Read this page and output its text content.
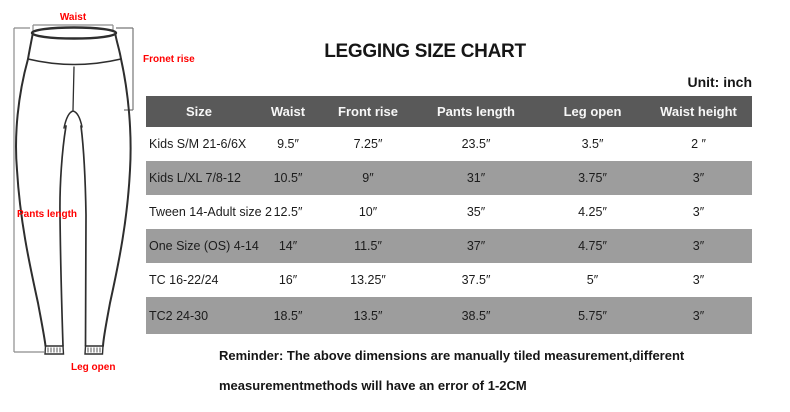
Waist
Fronet rise
Pants length
Leg open
LEGGING SIZE CHART
Unit: inch
Size	Waist	Front rise	Pants length	Leg open	Waist height
Kids S/M 21-6/6X	9.5″	7.25″	23.5″	3.5″	2 ″
Kids L/XL 7/8-12	10.5″	9″	31″	3.75″	3″
Tween 14-Adult size 2	12.5″	10″	35″	4.25″	3″
One Size (OS) 4-14	14″	11.5″	37″	4.75″	3″
TC 16-22/24	16″	13.25″	37.5″	5″	3″
TC2 24-30	18.5″	13.5″	38.5″	5.75″	3″
Reminder: The above dimensions are manually tiled measurement,different
measurementmethods will have an error of 1-2CM
